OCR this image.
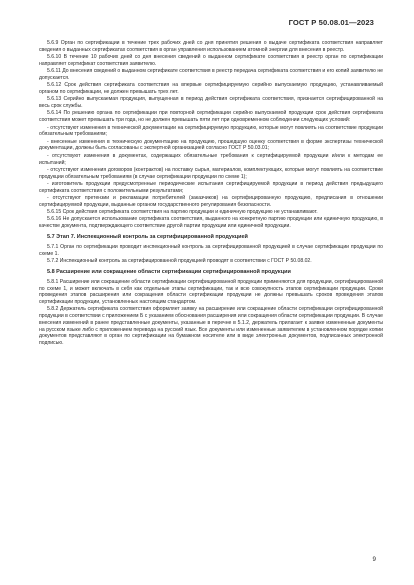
ГОСТ Р 50.08.01—2023

5.6.9 Орган по сертификации в течение трех рабочих дней со дня принятия решения о выдаче сертификата соответствия направляет сведения о выданных сертификатах соответствия в орган управления использованием атомной энергии для внесения в реестр.

5.6.10 В течение 10 рабочих дней со дня внесения сведений о выданном сертификате соответствия в реестр орган по сертификации направляет сертификат соответствия заявителю.

5.6.11 До внесения сведений о выданном сертификате соответствия в реестр передача сертификата соответствия и его копий заявителю не допускается.

5.6.12 Срок действия сертификата соответствия на впервые сертифицируемую серийно выпускаемую продукцию, устанавливаемый органом по сертификации, не должен превышать трех лет.

5.6.13 Серийно выпускаемая продукция, выпущенная в период действия сертификата соответствия, признается сертифицированной на весь срок службы.

5.6.14 По решению органа по сертификации при повторной сертификации серийно выпускаемой продукции срок действия сертификата соответствия может превышать три года, но не должен превышать пяти лет при одновременном соблюдении следующих условий:

- отсутствуют изменения в технической документации на сертифицируемую продукцию, которые могут повлиять на соответствие продукции обязательным требованиям;

- внесенные изменения в техническую документацию на продукцию, прошедшую оценку соответствия в форме экспертизы технической документации, должны быть согласованы с экспертной организацией согласно ГОСТ Р 50.03.01;

- отсутствуют изменения в документах, содержащих обязательные требования к сертифицируемой продукции и/или к методам ее испытаний;

- отсутствуют изменения договоров (контрактов) на поставку сырья, материалов, комплектующих, которые могут повлиять на соответствие продукции обязательным требованиям (в случае сертификации продукции по схеме 1);

- изготовитель продукции предусмотренные периодические испытания сертифицируемой продукции в период действия предыдущего сертификата соответствия с положительными результатами;

- отсутствуют претензии и рекламации потребителей (заказчиков) на сертифицированную продукцию, предписания в отношении сертифицируемой продукции, выданные органом государственного регулирования безопасности.

5.6.15 Срок действия сертификата соответствия на партию продукции и единичную продукцию не устанавливают.

5.6.16 Не допускается использование сертификата соответствия, выданного на конкретную партию продукции или единичную продукцию, в качестве документа, подтверждающего соответствие другой партии продукции или единичной продукции.

5.7 Этап 7. Инспекционный контроль за сертифицированной продукцией

5.7.1 Орган по сертификации проводит инспекционный контроль за сертифицированной продукцией в случае сертификации продукции по схеме 1.

5.7.2 Инспекционный контроль за сертифицированной продукцией проводят в соответствии с ГОСТ Р 50.08.02.

5.8 Расширение или сокращение области сертификации сертифицированной продукции

5.8.1 Расширение или сокращение области сертификации сертифицированной продукции применяются для продукции, сертифицированной по схеме 1, и может включать в себя как отдельные этапы сертификации, так и всю совокупность этапов сертификации продукции. Сроки проведения этапов расширения или сокращения области сертификации продукции не должны превышать сроков проведения этапов сертификации продукции, установленных настоящим стандартом.

5.8.2 Держатель сертификата соответствия оформляет заявку на расширение или сокращение области сертификации сертифицированной продукции в соответствии с приложением Б с указанием обоснования расширения или сокращения области сертификации продукции. В случае внесения изменений в ранее представленные документы, указанные в перечне в 5.1.2, держатель прилагает к заявке измененные документы на русском языке либо с приложением перевода на русский язык. Все документы или измененные заявителем в установленном порядке копии документов представляют в орган по сертификации на бумажном носителе или в виде электронных документов, подписанных электронной подписью.

9
